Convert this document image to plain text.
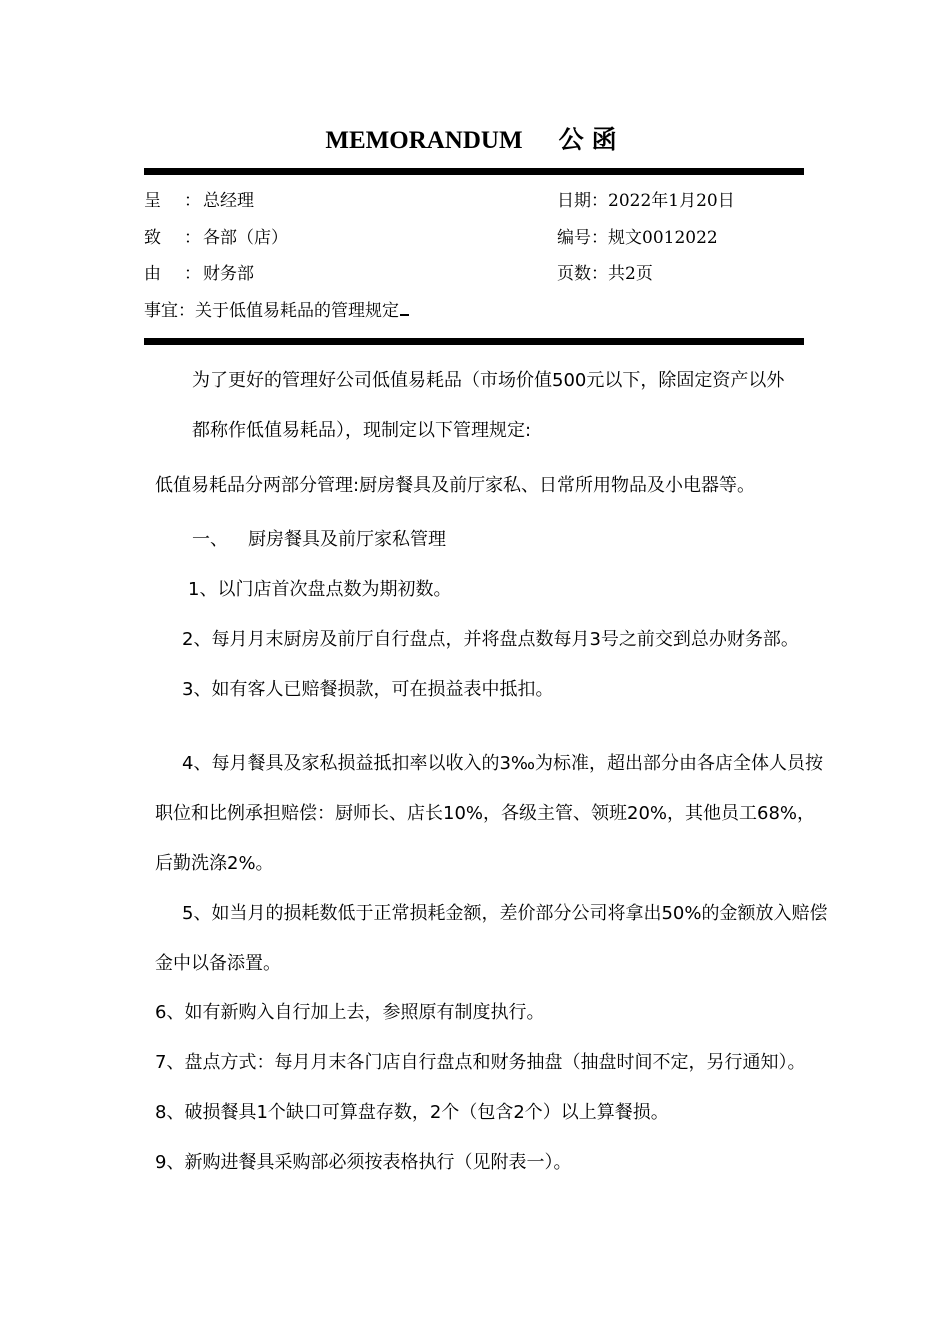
MEMORANDUM 公函
呈 ： 总经理
致 ： 各部（店）
由 ： 财务部
事宜：关于低值易耗品的管理规定
日期：2022年1月20日
编号：规文0012022
页数：共2页
为了更好的管理好公司低值易耗品（市场价值500元以下，除固定资产以外
都称作低值易耗品），现制定以下管理规定:
低值易耗品分两部分管理:厨房餐具及前厅家私、日常所用物品及小电器等。
一、 厨房餐具及前厅家私管理
1、以门店首次盘点数为期初数。
2、每月月末厨房及前厅自行盘点，并将盘点数每月3号之前交到总办财务部。
3、如有客人已赔餐损款，可在损益表中抵扣。
4、每月餐具及家私损益抵扣率以收入的3‰为标准，超出部分由各店全体人员按
职位和比例承担赔偿：厨师长、店长10%，各级主管、领班20%，其他员工68%，
后勤洗涤2%。
5、如当月的损耗数低于正常损耗金额，差价部分公司将拿出50%的金额放入赔偿
金中以备添置。
6、如有新购入自行加上去，参照原有制度执行。
7、盘点方式：每月月末各门店自行盘点和财务抽盘（抽盘时间不定，另行通知）。
8、破损餐具1个缺口可算盘存数，2个（包含2个）以上算餐损。
9、新购进餐具采购部必须按表格执行（见附表一）。
